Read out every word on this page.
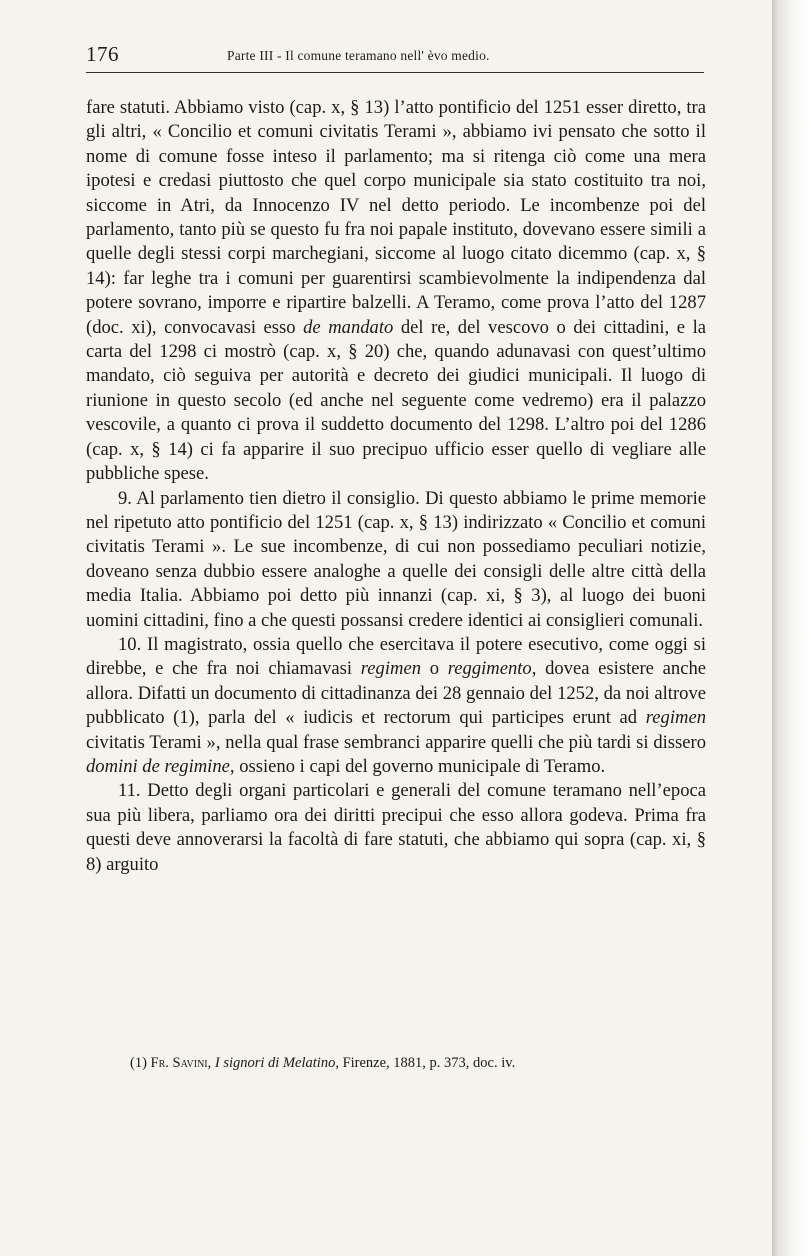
176	Parte III - Il comune teramano nell' èvo medio.

fare statuti. Abbiamo visto (cap. x, § 13) l’atto pontificio del 1251 esser diretto, tra gli altri, « Concilio et comuni civitatis Terami », abbiamo ivi pensato che sotto il nome di comune fosse inteso il parlamento; ma si ritenga ciò come una mera ipotesi e credasi piuttosto che quel corpo municipale sia stato costituito tra noi, siccome in Atri, da Innocenzo IV nel detto periodo. Le incombenze poi del parlamento, tanto più se questo fu fra noi papale instituto, dovevano essere simili a quelle degli stessi corpi marchegiani, siccome al luogo citato dicemmo (cap. x, § 14): far leghe tra i comuni per guarentirsi scambievolmente la indipendenza dal potere sovrano, imporre e ripartire balzelli. A Teramo, come prova l’atto del 1287 (doc. xi), convocavasi esso de mandato del re, del vescovo o dei cittadini, e la carta del 1298 ci mostrò (cap. x, § 20) che, quando adunavasi con quest’ultimo mandato, ciò seguiva per autorità e decreto dei giudici municipali. Il luogo di riunione in questo secolo (ed anche nel seguente come vedremo) era il palazzo vescovile, a quanto ci prova il suddetto documento del 1298. L’altro poi del 1286 (cap. x, § 14) ci fa apparire il suo precipuo ufficio esser quello di vegliare alle pubbliche spese.

9. Al parlamento tien dietro il consiglio. Di questo abbiamo le prime memorie nel ripetuto atto pontificio del 1251 (cap. x, § 13) indirizzato « Concilio et comuni civitatis Terami ». Le sue incombenze, di cui non possediamo peculiari notizie, doveano senza dubbio essere analoghe a quelle dei consigli delle altre città della media Italia. Abbiamo poi detto più innanzi (cap. xi, § 3), al luogo dei buoni uomini cittadini, fino a che questi possansi credere identici ai consiglieri comunali.

10. Il magistrato, ossia quello che esercitava il potere esecutivo, come oggi si direbbe, e che fra noi chiamavasi regimen o reggimento, dovea esistere anche allora. Difatti un documento di cittadinanza dei 28 gennaio del 1252, da noi altrove pubblicato (1), parla del « iudicis et rectorum qui participes erunt ad regimen civitatis Terami », nella qual frase sembranci apparire quelli che più tardi si dissero domini de regimine, ossieno i capi del governo municipale di Teramo.

11. Detto degli organi particolari e generali del comune teramano nell’epoca sua più libera, parliamo ora dei diritti precipui che esso allora godeva. Prima fra questi deve annoverarsi la facoltà di fare statuti, che abbiamo qui sopra (cap. xi, § 8) arguito

(1) Fr. Savini, I signori di Melatino, Firenze, 1881, p. 373, doc. iv.
